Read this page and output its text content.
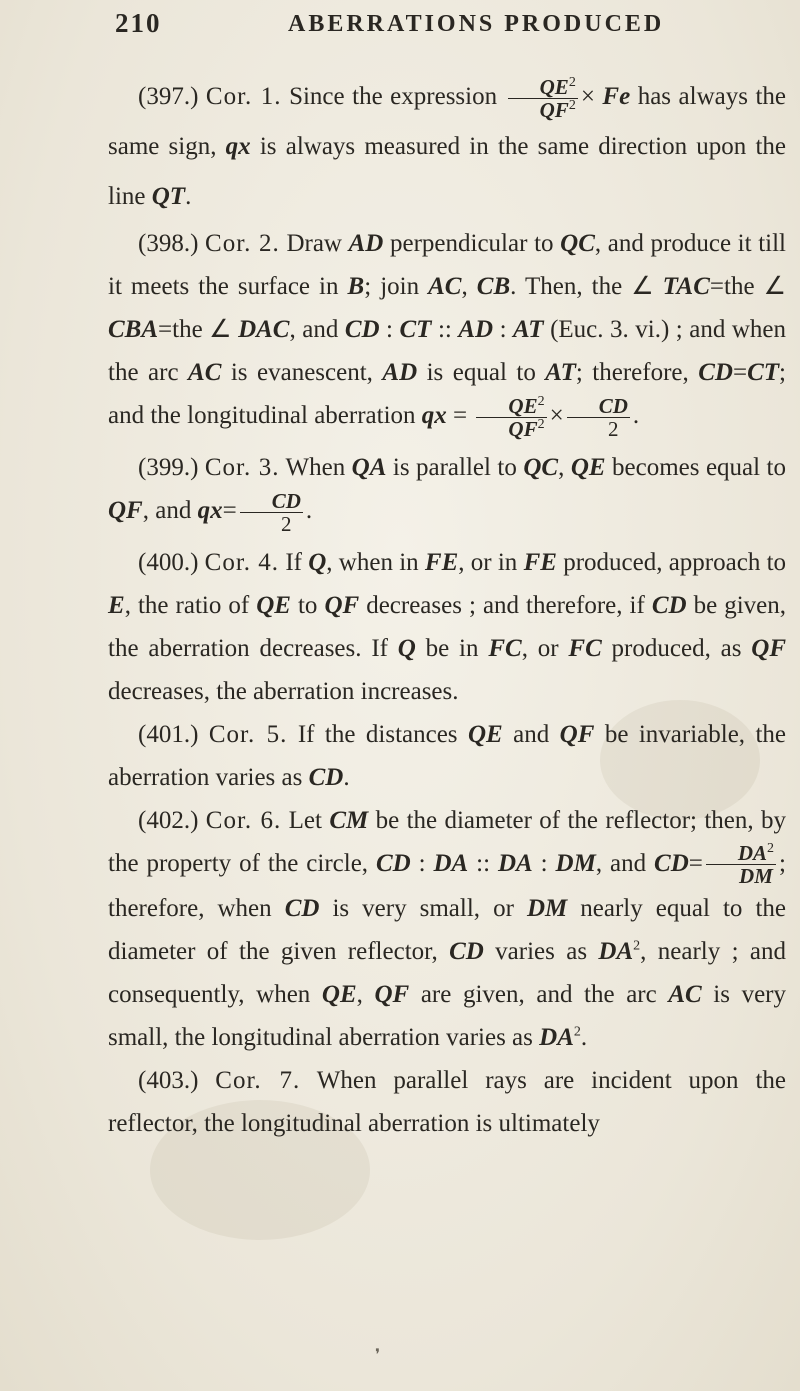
210	ABERRATIONS PRODUCED

(397.) Cor. 1. Since the expression $\frac{QE^2}{QF^2} \times Fe$ has always the same sign, qx is always measured in the same direction upon the line QT.

(398.) Cor. 2. Draw AD perpendicular to QC, and produce it till it meets the surface in B; join AC, CB. Then, the ∠ TAC=the ∠ CBA=the ∠ DAC, and CD : CT :: AD : AT (Euc. 3. vi.) ; and when the arc AC is evanescent, AD is equal to AT; therefore, CD=CT; and the longitudinal aberration qx = $\frac{QE^2}{QF^2} \times \frac{CD}{2}$ .

(399.) Cor. 3. When QA is parallel to QC, QE becomes equal to QF, and $qx= \frac{CD}{2}$ .

(400.) Cor. 4. If Q, when in FE, or in FE produced, approach to E, the ratio of QE to QF decreases ; and therefore, if CD be given, the aberration decreases. If Q be in FC, or FC produced, as QF decreases, the aberration increases.

(401.) Cor. 5. If the distances QE and QF be invariable, the aberration varies as CD.

(402.) Cor. 6. Let CM be the diameter of the reflector; then, by the property of the circle, CD : DA :: DA : DM, and $CD= \frac{DA^2}{DM}$ ; therefore, when CD is very small, or DM nearly equal to the diameter of the given reflector, CD varies as $DA^2$, nearly ; and consequently, when QE, QF are given, and the arc AC is very small, the longitudinal aberration varies as $DA^2$.

(403.) Cor. 7. When parallel rays are incident upon the reflector, the longitudinal aberration is ultimately

❜
